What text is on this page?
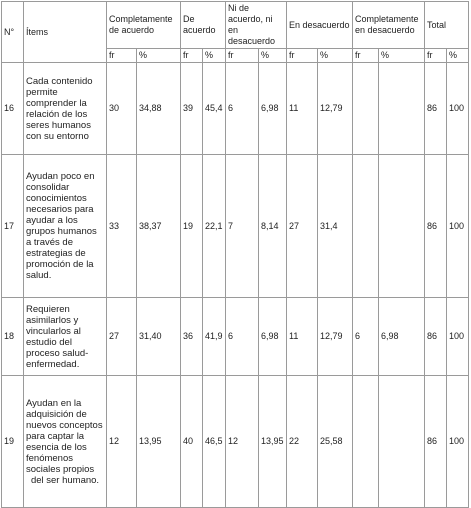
N°	Ítems	Completamente de acuerdo		De acuerdo		Ni de acuerdo, ni en desacuerdo		En desacuerdo		Completamente en desacuerdo		Total	
		fr	%	fr	%	fr	%	fr	%	fr	%	fr	%
16	Cada contenido permite comprender la relación de los seres humanos con su entorno	30	34,88	39	45,4	6	6,98	11	12,79			86	100
17	Ayudan poco en consolidar conocimientos necesarios para ayudar a los grupos humanos a través de estrategias de promoción de la salud.	33	38,37	19	22,1	7	8,14	27	31,4			86	100
18	Requieren asimilarlos y vincularlos al estudio del proceso salud-enfermedad.	27	31,40	36	41,9	6	6,98	11	12,79	6	6,98	86	100
19	Ayudan en la adquisición de nuevos conceptos para captar la esencia de los fenómenos sociales propios del ser humano.	12	13,95	40	46,5	12	13,95	22	25,58			86	100
